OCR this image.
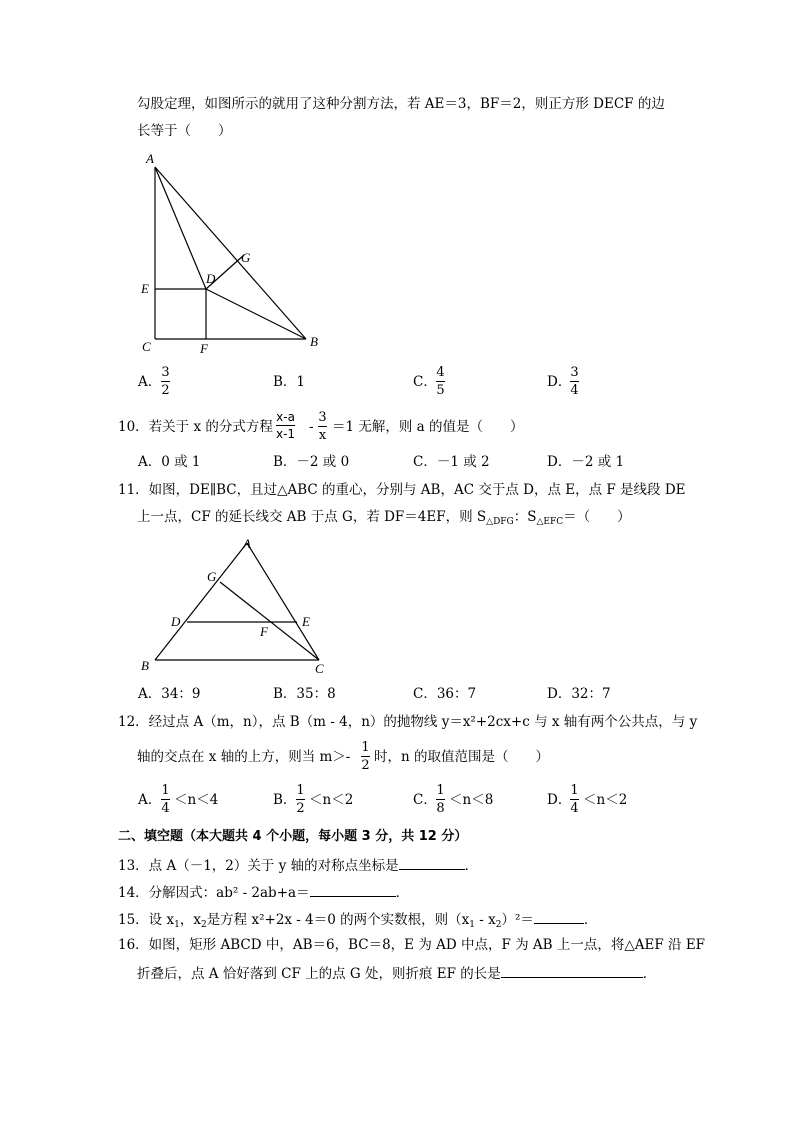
勾股定理，如图所示的就用了这种分割方法，若 AE＝3，BF＝2，则正方形 DECF 的边
长等于（　　）
A
G
D
E
C	F	B
A．
3
2
B．1	C．
4
5
D．
3
4
10．若关于 x 的分式方程
x-a
x-1 -
3
x
＝1 无解，则 a 的值是（　　）
A．0 或 1	B．－2 或 0	C．－1 或 2	D．－2 或 1
11．如图，DE∥BC，且过△ABC 的重心，分别与 AB，AC 交于点 D，点 E，点 F 是线段 DE
上一点，CF 的延长线交 AB 于点 G，若 DF＝4EF，则 $S_{\triangle DFG}$：$S_{\triangle EFC}=$（　　）
A
G
D	E
F
B	C
A．34：9	B．35：8	C．36：7	D．32：7
12．经过点 A（m，n），点 B（m - 4，n）的抛物线 y＝x²+2cx+c 与 x 轴有两个公共点，与 y
轴的交点在 x 轴的上方，则当 m＞-
1
2
时，n 的取值范围是（　　）
A．
1
4
＜n＜4	B．
1
2
＜n＜2	C．
1
8
＜n＜8	D．
1
4
＜n＜2
二、填空题（本大题共 4 个小题，每小题 3 分，共 12 分）
13．点 A（－1，2）关于 y 轴的对称点坐标是	．
14．分解因式：ab² - 2ab+a＝	．
15．设 $x_1$，$x_2$是方程 x²+2x - 4＝0 的两个实数根，则$(x_1 - x_2)^2=$	．
16．如图，矩形 ABCD 中，AB＝6，BC＝8，E 为 AD 中点，F 为 AB 上一点，将△AEF 沿 EF
折叠后，点 A 恰好落到 CF 上的点 G 处，则折痕 EF 的长是	．
